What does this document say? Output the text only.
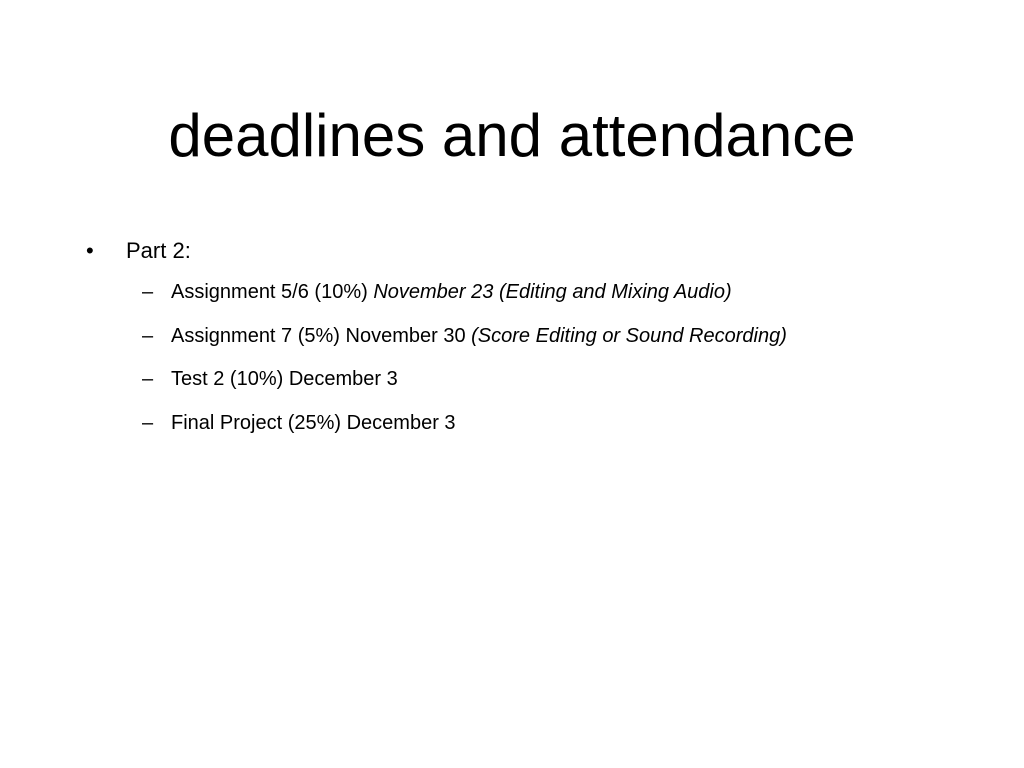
deadlines and attendance
• Part 2:
– Assignment 5/6 (10%) November 23 (Editing and Mixing Audio)
– Assignment 7 (5%) November 30 (Score Editing or Sound Recording)
– Test 2 (10%) December 3
– Final Project (25%) December 3
